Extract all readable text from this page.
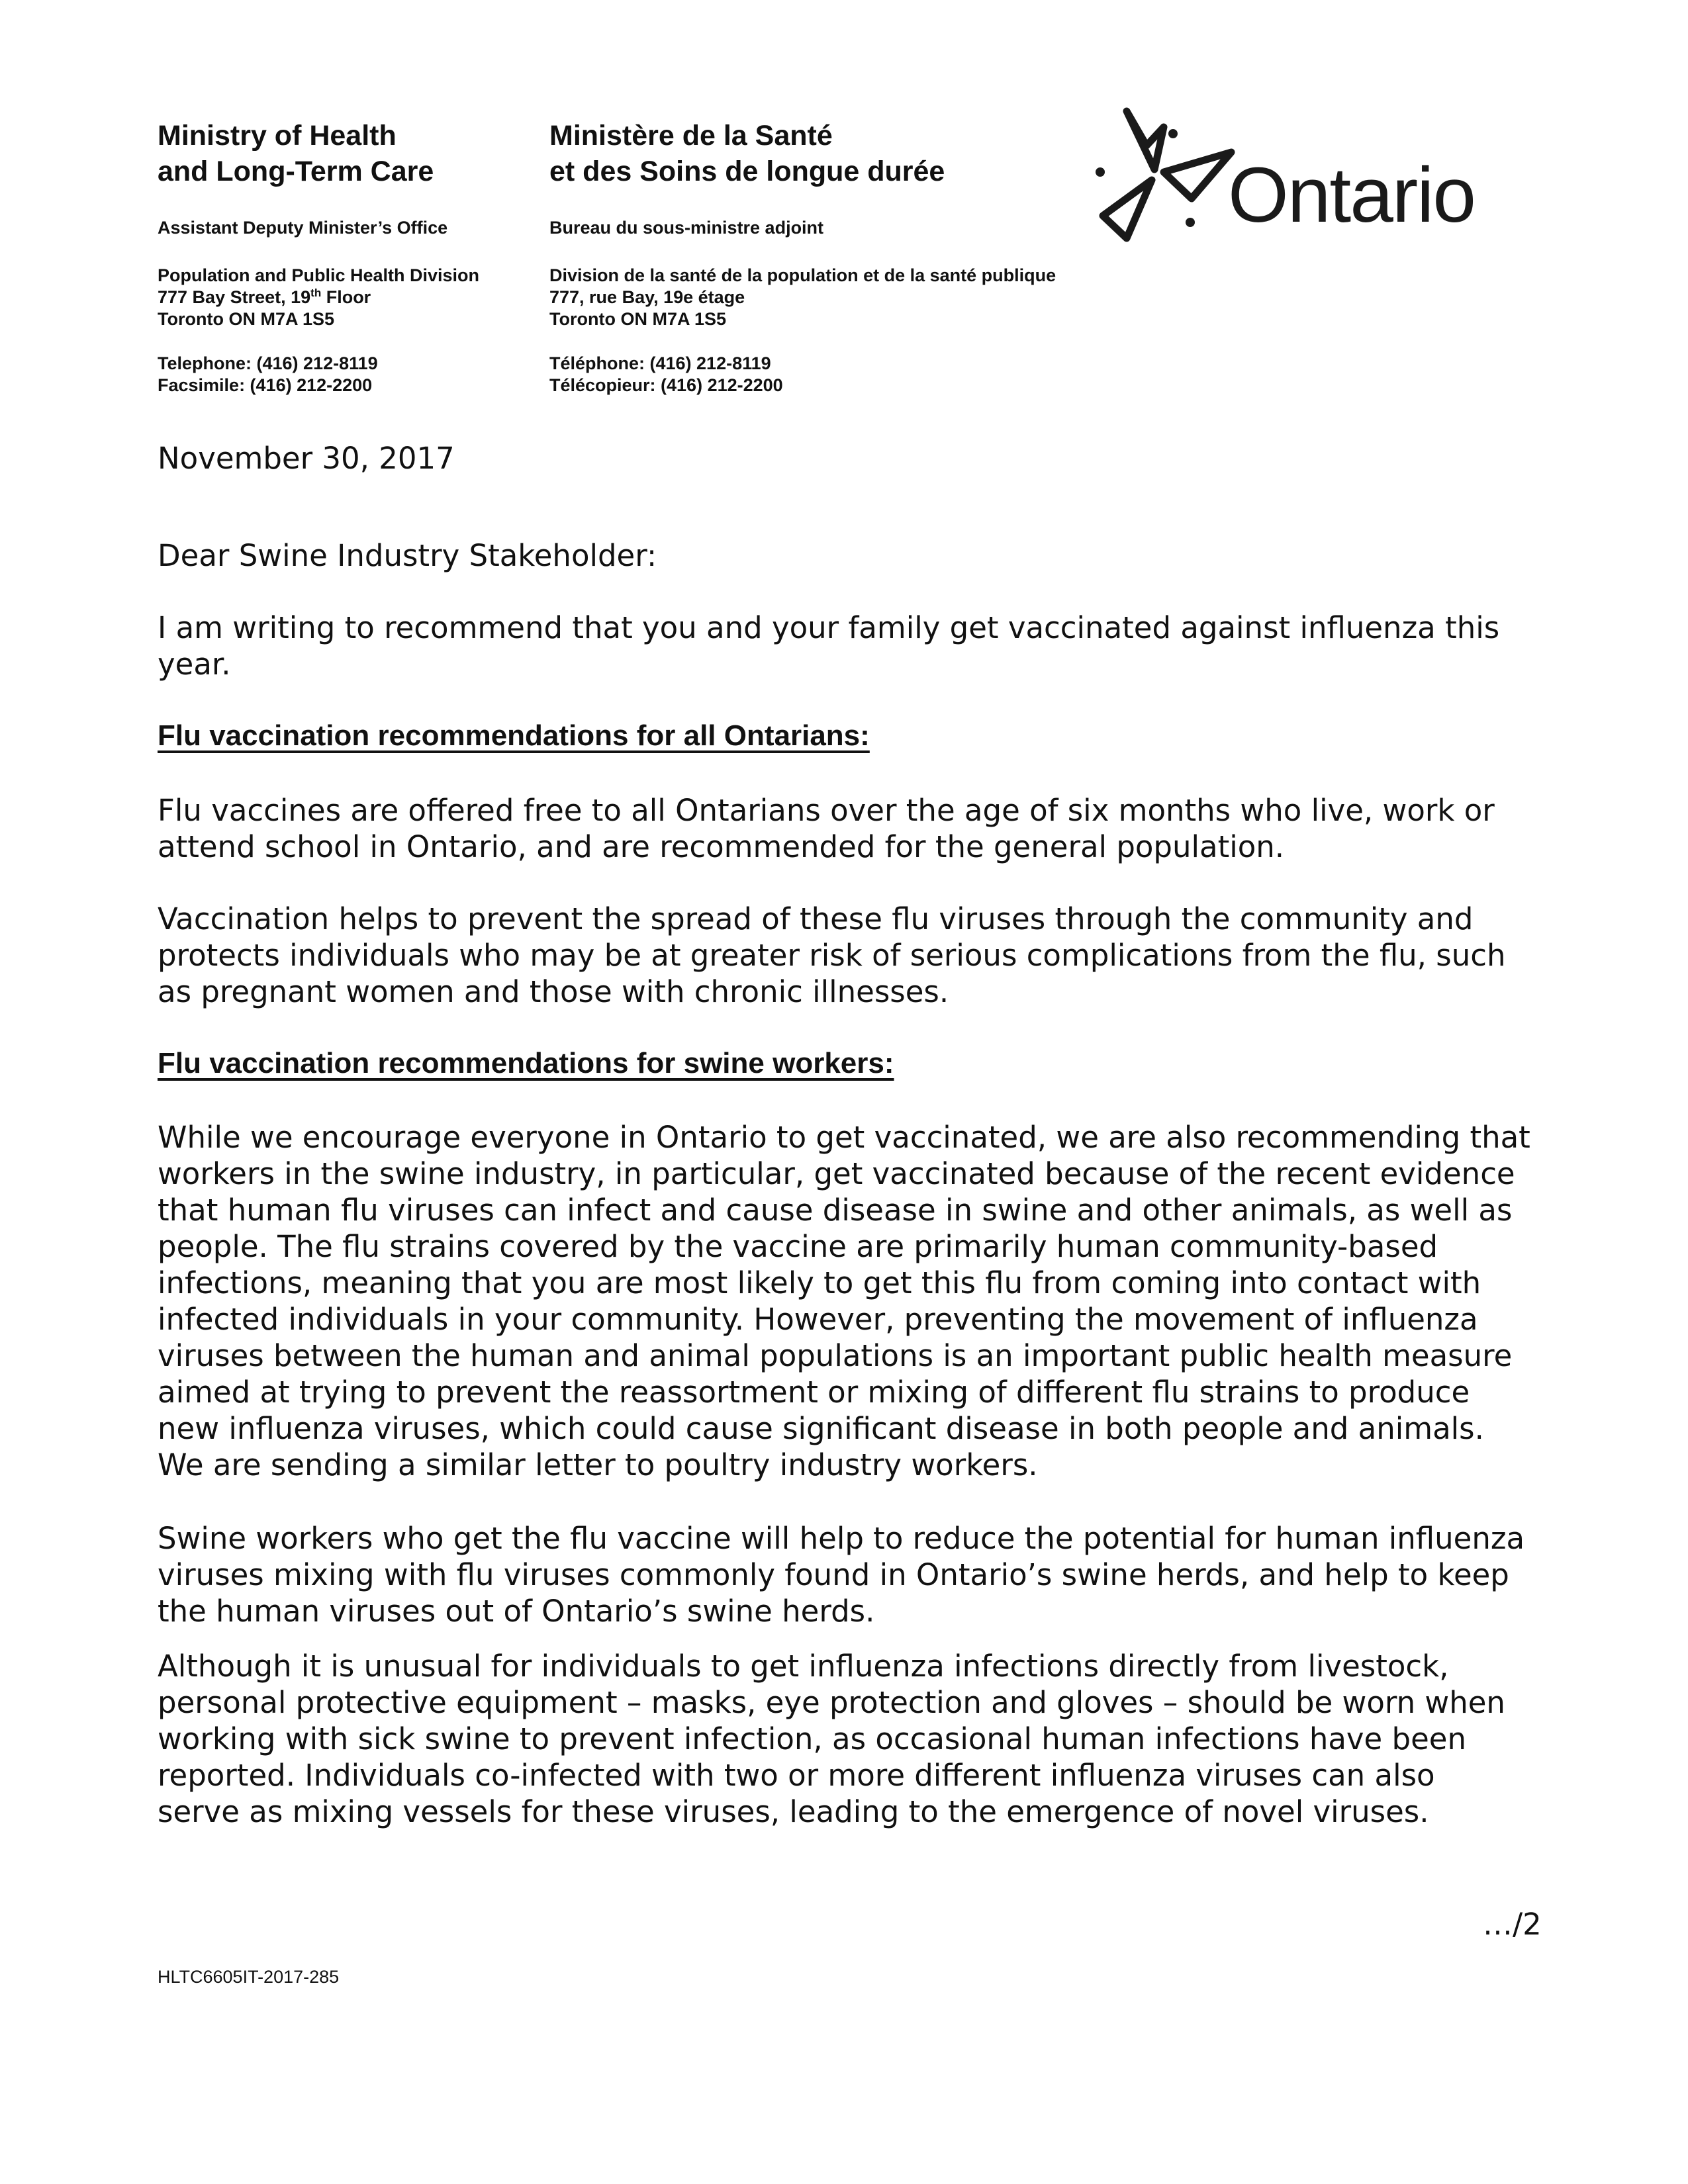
Ministry of Health
and Long-Term Care
Assistant Deputy Minister’s Office
Population and Public Health Division
777 Bay Street, 19th Floor
Toronto ON M7A 1S5
Telephone: (416) 212-8119
Facsimile: (416) 212-2200
Ministère de la Santé
et des Soins de longue durée
Bureau du sous-ministre adjoint
Division de la santé de la population et de la santé publique
777, rue Bay, 19e étage
Toronto ON M7A 1S5
Téléphone: (416) 212-8119
Télécopieur: (416) 212-2200
Ontario
November 30, 2017
Dear Swine Industry Stakeholder:
I am writing to recommend that you and your family get vaccinated against influenza this
year.
Flu vaccination recommendations for all Ontarians:
Flu vaccines are offered free to all Ontarians over the age of six months who live, work or
attend school in Ontario, and are recommended for the general population.
Vaccination helps to prevent the spread of these flu viruses through the community and
protects individuals who may be at greater risk of serious complications from the flu, such
as pregnant women and those with chronic illnesses.
Flu vaccination recommendations for swine workers:
While we encourage everyone in Ontario to get vaccinated, we are also recommending that
workers in the swine industry, in particular, get vaccinated because of the recent evidence
that human flu viruses can infect and cause disease in swine and other animals, as well as
people. The flu strains covered by the vaccine are primarily human community-based
infections, meaning that you are most likely to get this flu from coming into contact with
infected individuals in your community. However, preventing the movement of influenza
viruses between the human and animal populations is an important public health measure
aimed at trying to prevent the reassortment or mixing of different flu strains to produce
new influenza viruses, which could cause significant disease in both people and animals.
We are sending a similar letter to poultry industry workers.
Swine workers who get the flu vaccine will help to reduce the potential for human influenza
viruses mixing with flu viruses commonly found in Ontario’s swine herds, and help to keep
the human viruses out of Ontario’s swine herds.
Although it is unusual for individuals to get influenza infections directly from livestock,
personal protective equipment – masks, eye protection and gloves – should be worn when
working with sick swine to prevent infection, as occasional human infections have been
reported. Individuals co-infected with two or more different influenza viruses can also
serve as mixing vessels for these viruses, leading to the emergence of novel viruses.
…/2
HLTC6605IT-2017-285
